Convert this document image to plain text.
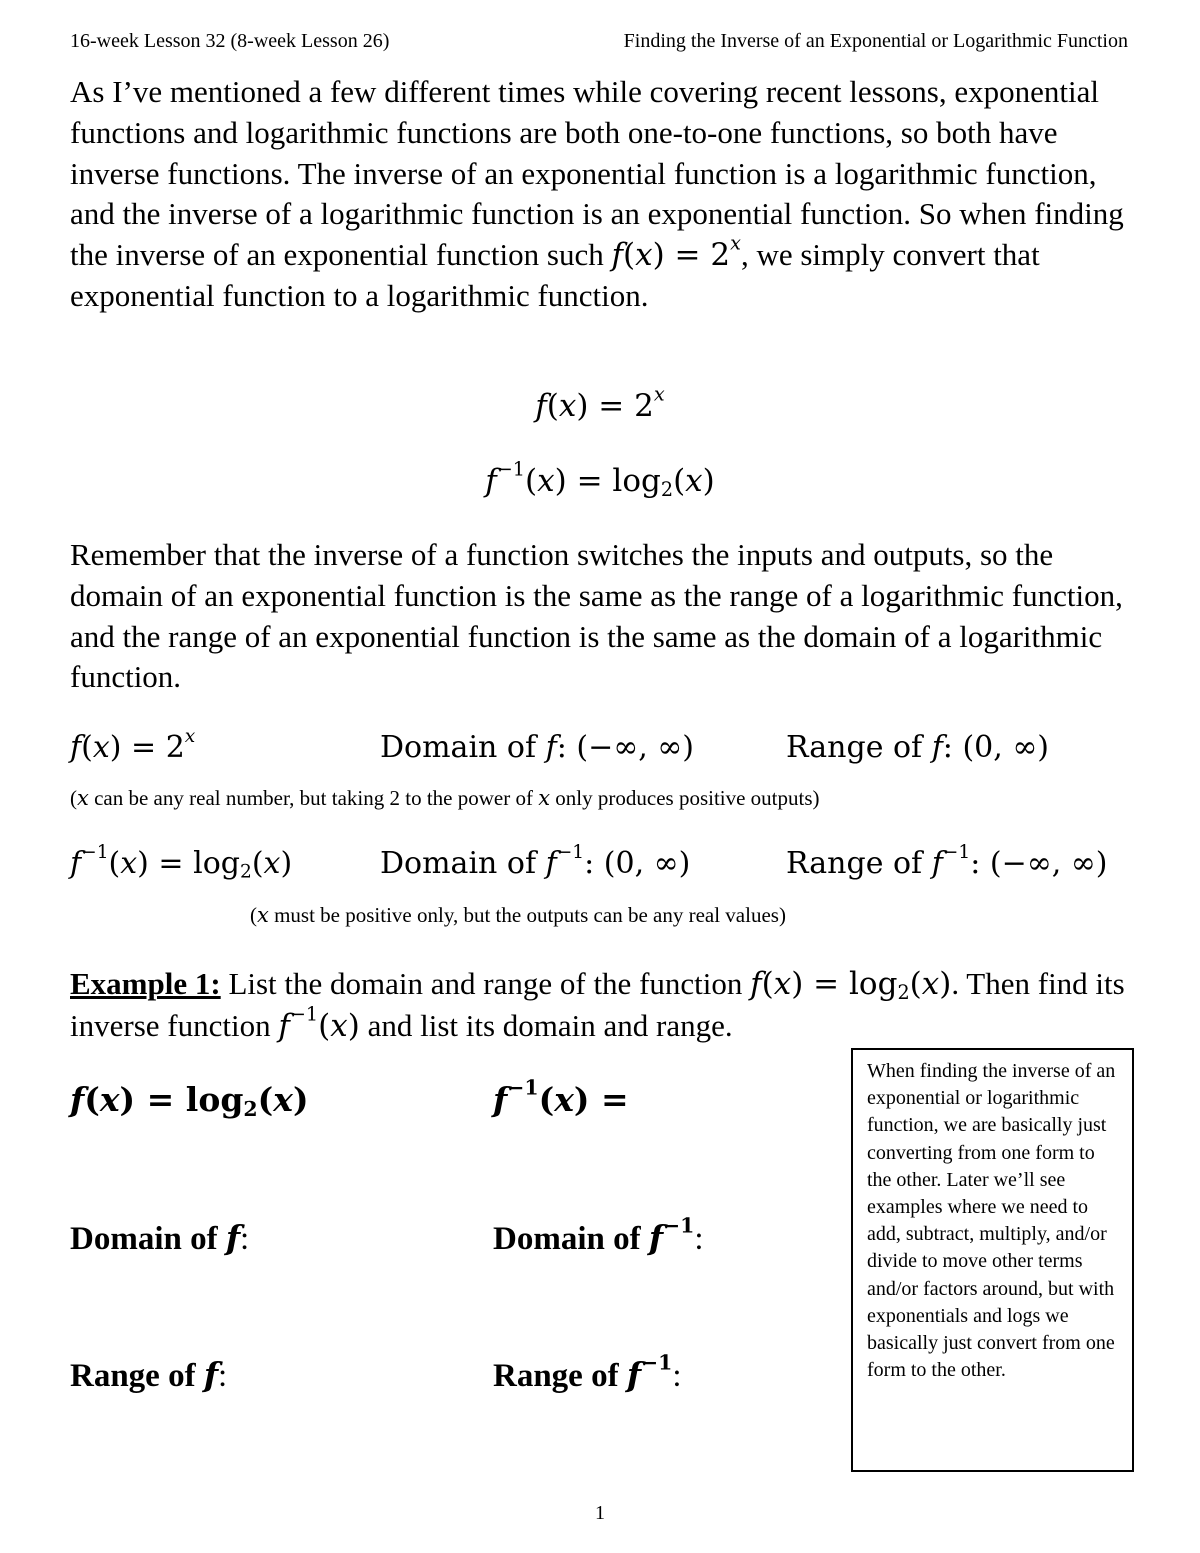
16-week Lesson 32 (8-week Lesson 26)	Finding the Inverse of an Exponential or Logarithmic Function

As I’ve mentioned a few different times while covering recent lessons, exponential functions and logarithmic functions are both one-to-one functions, so both have inverse functions. The inverse of an exponential function is a logarithmic function, and the inverse of a logarithmic function is an exponential function. So when finding the inverse of an exponential function such $f(x) = 2^x$, we simply convert that exponential function to a logarithmic function.

$f(x) = 2^x$
$f^{-1}(x) = \log_2(x)$

Remember that the inverse of a function switches the inputs and outputs, so the domain of an exponential function is the same as the range of a logarithmic function, and the range of an exponential function is the same as the domain of a logarithmic function.

$f(x) = 2^x$	Domain of f: (−∞, ∞)	Range of f: (0, ∞)
(x can be any real number, but taking 2 to the power of x only produces positive outputs)
$f^{-1}(x) = \log_2(x)$	Domain of $f^{-1}$: (0, ∞)	Range of $f^{-1}$: (−∞, ∞)
(x must be positive only, but the outputs can be any real values)

Example 1: List the domain and range of the function $f(x) = \log_2(x)$. Then find its inverse function $f^{-1}(x)$ and list its domain and range.

$f(x) = \log_2(x)$	$f^{-1}(x)$ =
Domain of f:	Domain of $f^{-1}$:
Range of f:	Range of $f^{-1}$:
When finding the inverse of an exponential or logarithmic function, we are basically just converting from one form to the other. Later we’ll see examples where we need to add, subtract, multiply, and/or divide to move other terms and/or factors around, but with exponentials and logs we basically just convert from one form to the other.
1
